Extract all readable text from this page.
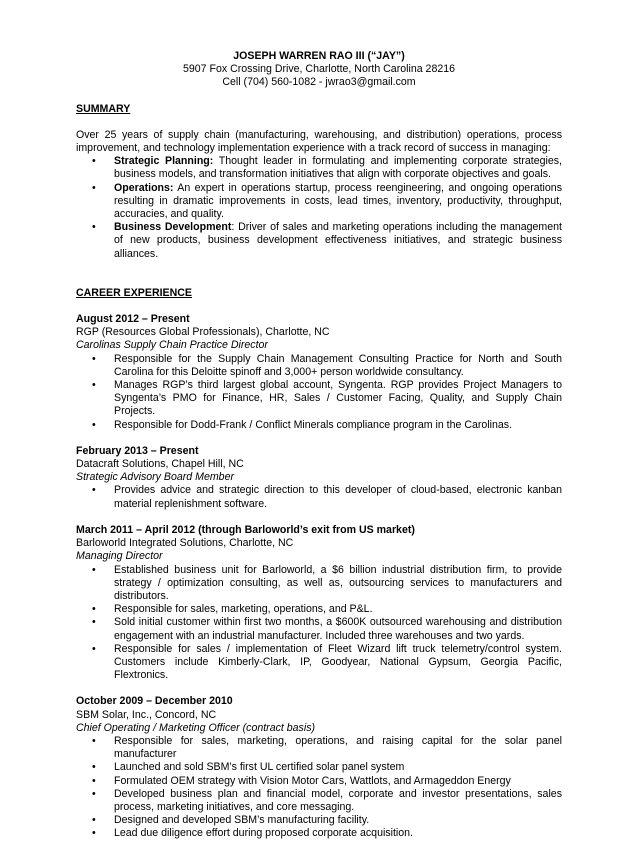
JOSEPH WARREN RAO III (“JAY”)
5907 Fox Crossing Drive, Charlotte, North Carolina 28216
Cell (704) 560-1082 - jwrao3@gmail.com
SUMMARY
Over 25 years of supply chain (manufacturing, warehousing, and distribution) operations, process improvement, and technology implementation experience with a track record of success in managing:
• Strategic Planning: Thought leader in formulating and implementing corporate strategies, business models, and transformation initiatives that align with corporate objectives and goals.
• Operations: An expert in operations startup, process reengineering, and ongoing operations resulting in dramatic improvements in costs, lead times, inventory, productivity, throughput, accuracies, and quality.
• Business Development: Driver of sales and marketing operations including the management of new products, business development effectiveness initiatives, and strategic business alliances.
CAREER EXPERIENCE
August 2012 – Present
RGP (Resources Global Professionals), Charlotte, NC
Carolinas Supply Chain Practice Director
• Responsible for the Supply Chain Management Consulting Practice for North and South Carolina for this Deloitte spinoff and 3,000+ person worldwide consultancy.
• Manages RGP’s third largest global account, Syngenta. RGP provides Project Managers to Syngenta’s PMO for Finance, HR, Sales / Customer Facing, Quality, and Supply Chain Projects.
• Responsible for Dodd-Frank / Conflict Minerals compliance program in the Carolinas.
February 2013 – Present
Datacraft Solutions, Chapel Hill, NC
Strategic Advisory Board Member
• Provides advice and strategic direction to this developer of cloud-based, electronic kanban material replenishment software.
March 2011 – April 2012 (through Barloworld’s exit from US market)
Barloworld Integrated Solutions, Charlotte, NC
Managing Director
• Established business unit for Barloworld, a $6 billion industrial distribution firm, to provide strategy / optimization consulting, as well as, outsourcing services to manufacturers and distributors.
• Responsible for sales, marketing, operations, and P&L.
• Sold initial customer within first two months, a $600K outsourced warehousing and distribution engagement with an industrial manufacturer. Included three warehouses and two yards.
• Responsible for sales / implementation of Fleet Wizard lift truck telemetry/control system. Customers include Kimberly-Clark, IP, Goodyear, National Gypsum, Georgia Pacific, Flextronics.
October 2009 – December 2010
SBM Solar, Inc., Concord, NC
Chief Operating / Marketing Officer (contract basis)
• Responsible for sales, marketing, operations, and raising capital for the solar panel manufacturer
• Launched and sold SBM’s first UL certified solar panel system
• Formulated OEM strategy with Vision Motor Cars, Wattlots, and Armageddon Energy
• Developed business plan and financial model, corporate and investor presentations, sales process, marketing initiatives, and core messaging.
• Designed and developed SBM’s manufacturing facility.
• Lead due diligence effort during proposed corporate acquisition.
